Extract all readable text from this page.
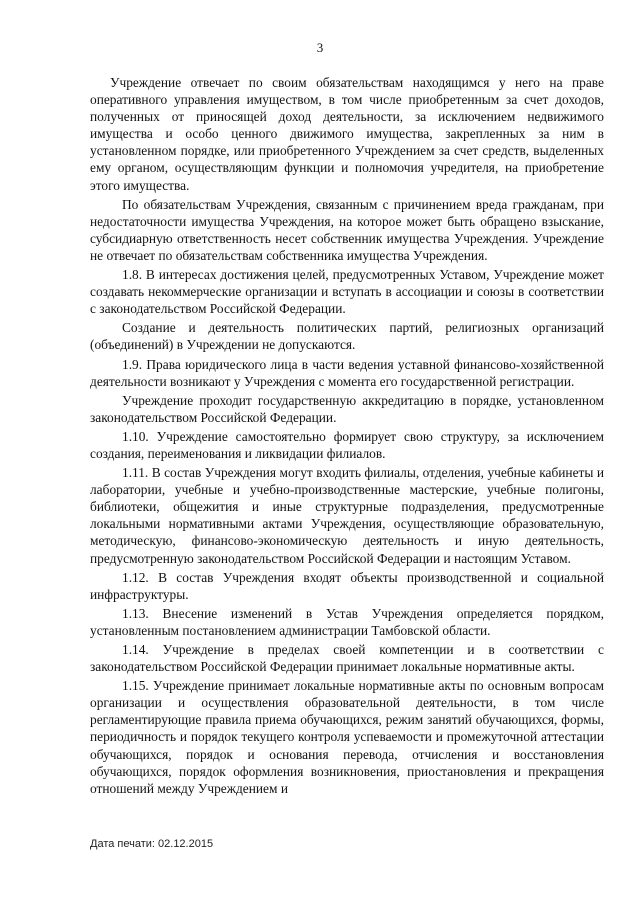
3

Учреждение отвечает по своим обязательствам находящимся у него на праве оперативного управления имуществом, в том числе приобретенным за счет доходов, полученных от приносящей доход деятельности, за исключением недвижимого имущества и особо ценного движимого имущества, закрепленных за ним в установленном порядке, или приобретенного Учреждением за счет средств, выделенных ему органом, осуществляющим функции и полномочия учредителя, на приобретение этого имущества.

По обязательствам Учреждения, связанным с причинением вреда гражданам, при недостаточности имущества Учреждения, на которое может быть обращено взыскание, субсидиарную ответственность несет собственник имущества Учреждения. Учреждение не отвечает по обязательствам собственника имущества Учреждения.

1.8. В интересах достижения целей, предусмотренных Уставом, Учреждение может создавать некоммерческие организации и вступать в ассоциации и союзы в соответствии с законодательством Российской Федерации.

Создание и деятельность политических партий, религиозных организаций (объединений) в Учреждении не допускаются.

1.9. Права юридического лица в части ведения уставной финансово-хозяйственной деятельности возникают у Учреждения с момента его государственной регистрации.

Учреждение проходит государственную аккредитацию в порядке, установленном законодательством Российской Федерации.

1.10. Учреждение самостоятельно формирует свою структуру, за исключением создания, переименования и ликвидации филиалов.

1.11. В состав Учреждения могут входить филиалы, отделения, учебные кабинеты и лаборатории, учебные и учебно-производственные мастерские, учебные полигоны, библиотеки, общежития и иные структурные подразделения, предусмотренные локальными нормативными актами Учреждения, осуществляющие образовательную, методическую, финансово-экономическую деятельность и иную деятельность, предусмотренную законодательством Российской Федерации и настоящим Уставом.

1.12. В состав Учреждения входят объекты производственной и социальной инфраструктуры.

1.13. Внесение изменений в Устав Учреждения определяется порядком, установленным постановлением администрации Тамбовской области.

1.14. Учреждение в пределах своей компетенции и в соответствии с законодательством Российской Федерации принимает локальные нормативные акты.

1.15. Учреждение принимает локальные нормативные акты по основным вопросам организации и осуществления образовательной деятельности, в том числе регламентирующие правила приема обучающихся, режим занятий обучающихся, формы, периодичность и порядок текущего контроля успеваемости и промежуточной аттестации обучающихся, порядок и основания перевода, отчисления и восстановления обучающихся, порядок оформления возникновения, приостановления и прекращения отношений между Учреждением и

Дата печати: 02.12.2015
